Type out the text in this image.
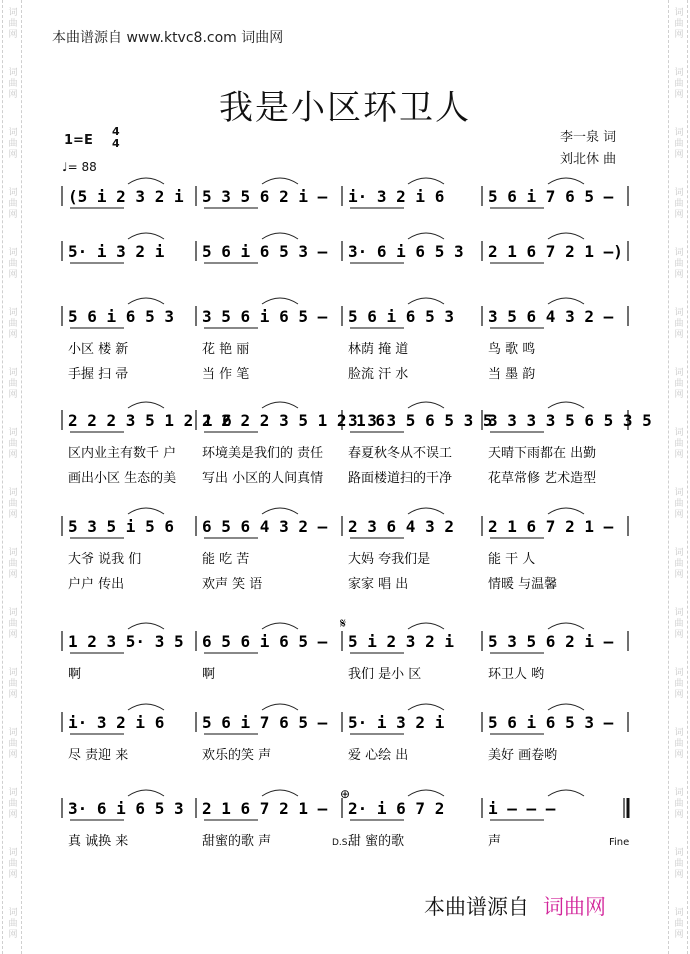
词
曲
网
词
曲
网
词
曲
网
词
曲
网
词
曲
网
词
曲
网
词
曲
网
词
曲
网
词
曲
网
词
曲
网
词
曲
网
词
曲
网
词
曲
网
词
曲
网
词
曲
网
词
曲
网
词
曲
网
词
曲
网
词
曲
网
词
曲
网
词
曲
网
词
曲
网
词
曲
网
词
曲
网
词
曲
网
词
曲
网
词
曲
网
词
曲
网
词
曲
网
词
曲
网
词
曲
网
词
曲
网
本曲谱源自 www.ktvc8.com 词曲网
我是小区环卫人
1=E
4
4
♩= 88
李一泉 词
刘北休 曲
(5 i 2 3 2 i 5 3 5 6 2 i – i· 3 2 i 6	5 6 i 7 6 5 –
5· i 3 2 i 5 6 i 6 5 3 – 3· 6 i 6 5 3 2 1 6 7 2 1 –)
5 6 i 6 5 3
小区 楼 新
手握 扫 帚
3 5 6 i 6 5 –
花 艳 丽
当 作 笔
5 6 i 6 5 3
林荫 掩 道
脸流 汗 水
3 5 6 4 3 2 –
鸟 歌 鸣
当 墨 韵
2 2 2 3 5 1 2 1 6
区内业主有数千 户
画出小区 生态的美
2 2 2 2 3 5 1 2 1 6
环境美是我们的 责任
写出 小区的人间真情
3 3 3 5 6 5 3 5
春夏秋冬从不误工
路面楼道扫的干净
3 3 3 3 5 6 5 3 5
天晴下雨都在 出勤
花草常修 艺术造型
5 3 5 i 5 6
大爷 说我 们
户户 传出
6 5 6 4 3 2 –
能 吃 苦
欢声 笑 语
2 3 6 4 3 2
大妈 夸我们是
家家 唱 出
2 1 6 7 2 1 –
能 干 人
情暖 与温馨
1 2 3 5· 3 5
啊
6 5 6 i 6 5 –
啊
5 i 2 3 2 i
我们 是小 区
5 3 5 6 2 i –
环卫人 哟
i· 3 2 i 6
尽 责迎 来
5 6 i 7 6 5 –
欢乐的笑 声
5· i 3 2 i
爱 心绘 出
5 6 i 6 5 3 –
美好 画卷哟
3· 6 i 6 5 3
真 诚换 来
2 1 6 7 2 1 –
甜蜜的歌 声
2· i 6 7 2
甜 蜜的歌
i – – –
声
𝄋
⊕
D.S.	Fine
本曲谱源自 词曲网
